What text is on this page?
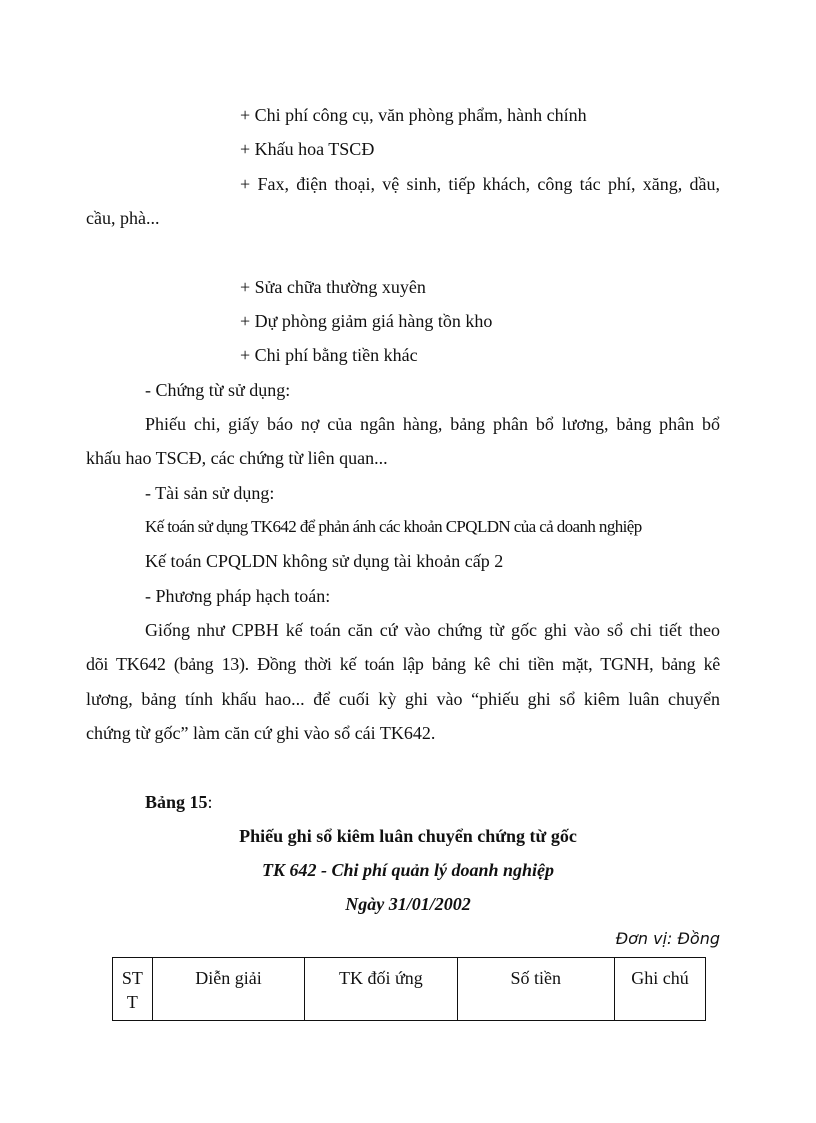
+ Chi phí công cụ, văn phòng phẩm, hành chính
+ Khấu hoa TSCĐ
+ Fax, điện thoại, vệ sinh, tiếp khách, công tác phí, xăng, dầu,
cầu, phà...
+ Sửa chữa thường xuyên
+ Dự phòng giảm giá hàng tồn kho
+ Chi phí bằng tiền khác
- Chứng từ sử dụng:
Phiếu chi, giấy báo nợ của ngân hàng, bảng phân bổ lương, bảng phân bổ
khấu hao TSCĐ, các chứng từ liên quan...
- Tài sản sử dụng:
Kế toán sử dụng TK642 để phản ánh các khoản CPQLDN của cả doanh nghiệp
Kế toán CPQLDN không sử dụng tài khoản cấp 2
- Phương pháp hạch toán:
Giống như CPBH kế toán căn cứ vào chứng từ gốc ghi vào sổ chi tiết theo
dõi TK642 (bảng 13). Đồng thời kế toán lập bảng kê chi tiền mặt, TGNH, bảng kê
lương, bảng tính khấu hao... để cuối kỳ ghi vào “phiếu ghi sổ kiêm luân chuyển
chứng từ gốc” làm căn cứ ghi vào sổ cái TK642.
Bảng 15:
Phiếu ghi sổ kiêm luân chuyển chứng từ gốc
TK 642 - Chi phí quản lý doanh nghiệp
Ngày 31/01/2002
Đơn vị: Đồng
ST
T	Diễn giải	TK đối ứng	Số tiền	Ghi chú
